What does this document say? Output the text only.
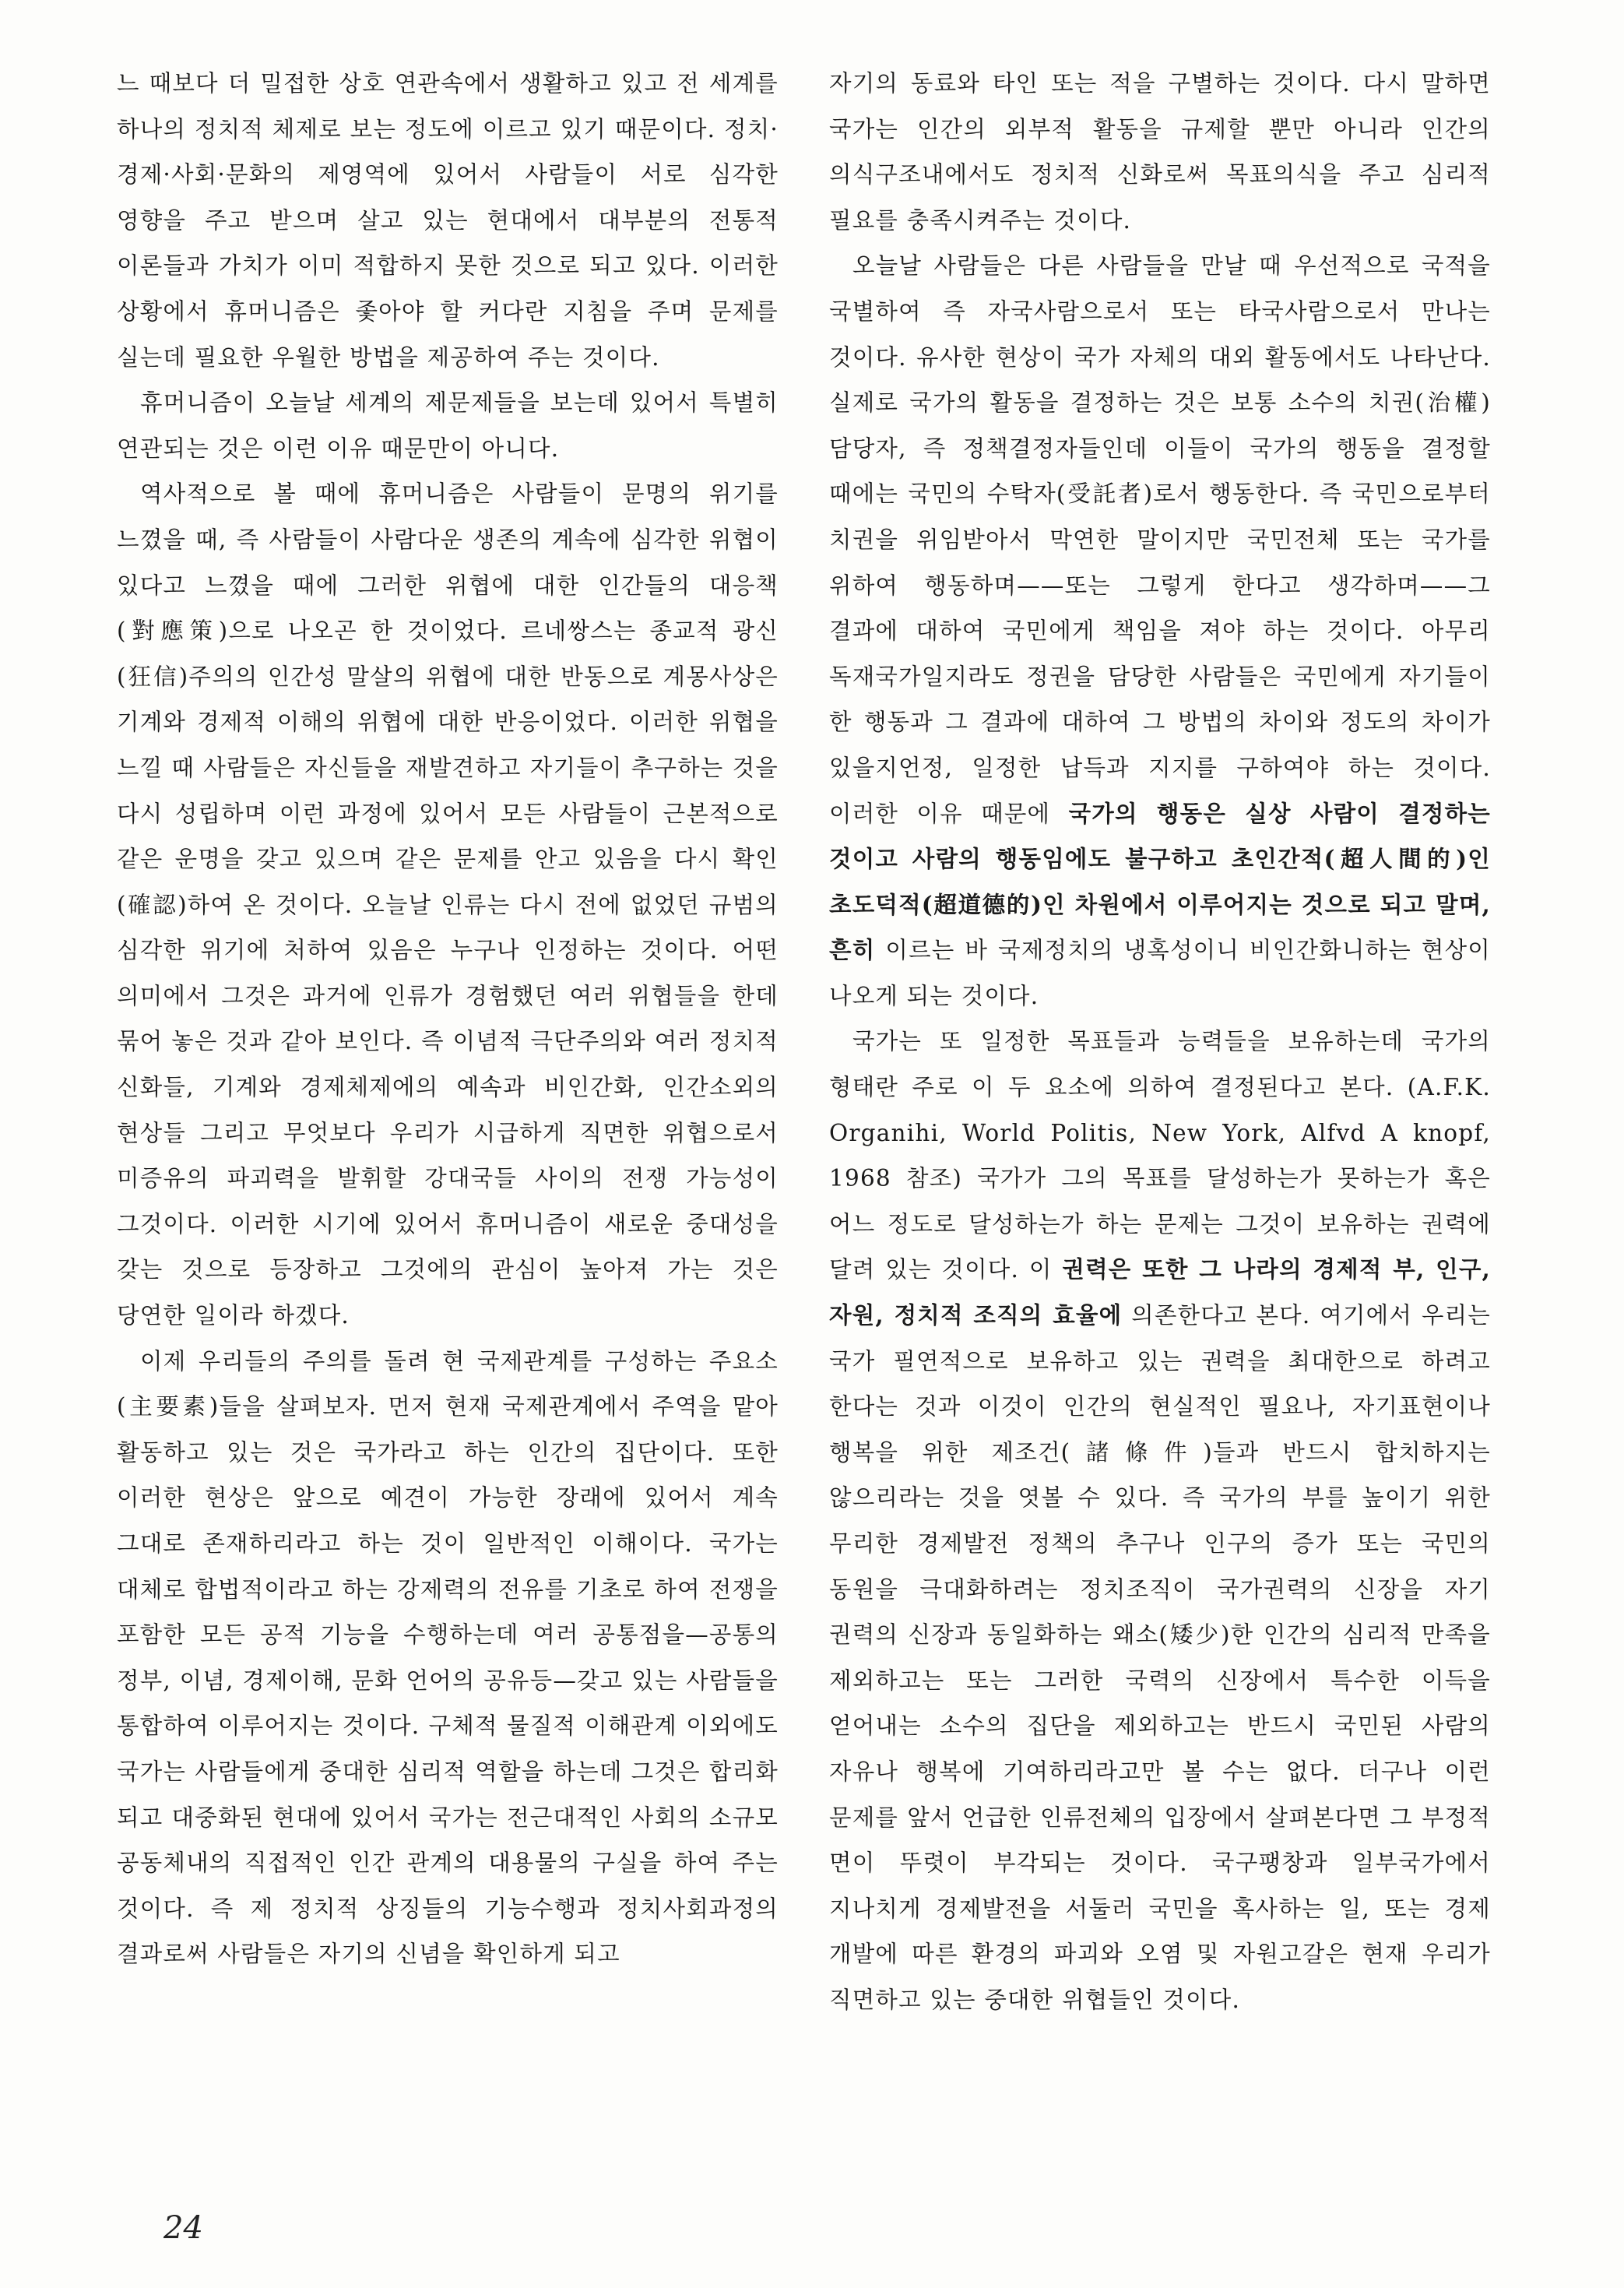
느 때보다 더 밀접한 상호 연관속에서 생활하고 있고 전 세계를 하나의 정치적 체제로 보는 정도에 이르고 있기 때문이다. 정치·경제·사회·문화의 제영역에 있어서 사람들이 서로 심각한 영향을 주고 받으며 살고 있는 현대에서 대부분의 전통적 이론들과 가치가 이미 적합하지 못한 것으로 되고 있다. 이러한 상황에서 휴머니즘은 좇아야 할 커다란 지침을 주며 문제를 실는데 필요한 우월한 방법을 제공하여 주는 것이다.

휴머니즘이 오늘날 세계의 제문제들을 보는데 있어서 특별히 연관되는 것은 이런 이유 때문만이 아니다.

역사적으로 볼 때에 휴머니즘은 사람들이 문명의 위기를 느꼈을 때, 즉 사람들이 사람다운 생존의 계속에 심각한 위협이 있다고 느꼈을 때에 그러한 위협에 대한 인간들의 대응책(對應策)으로 나오곤 한 것이었다. 르네쌍스는 종교적 광신(狂信)주의의 인간성 말살의 위협에 대한 반동으로 계몽사상은 기계와 경제적 이해의 위협에 대한 반응이었다. 이러한 위협을 느낄 때 사람들은 자신들을 재발견하고 자기들이 추구하는 것을 다시 성립하며 이런 과정에 있어서 모든 사람들이 근본적으로 같은 운명을 갖고 있으며 같은 문제를 안고 있음을 다시 확인(確認)하여 온 것이다. 오늘날 인류는 다시 전에 없었던 규범의 심각한 위기에 처하여 있음은 누구나 인정하는 것이다. 어떤 의미에서 그것은 과거에 인류가 경험했던 여러 위협들을 한데 묶어 놓은 것과 같아 보인다. 즉 이념적 극단주의와 여러 정치적 신화들, 기계와 경제체제에의 예속과 비인간화, 인간소외의 현상들 그리고 무엇보다 우리가 시급하게 직면한 위협으로서 미증유의 파괴력을 발휘할 강대국들 사이의 전쟁 가능성이 그것이다. 이러한 시기에 있어서 휴머니즘이 새로운 중대성을 갖는 것으로 등장하고 그것에의 관심이 높아져 가는 것은 당연한 일이라 하겠다.

이제 우리들의 주의를 돌려 현 국제관계를 구성하는 주요소(主要素)들을 살펴보자. 먼저 현재 국제관계에서 주역을 맡아 활동하고 있는 것은 국가라고 하는 인간의 집단이다. 또한 이러한 현상은 앞으로 예견이 가능한 장래에 있어서 계속 그대로 존재하리라고 하는 것이 일반적인 이해이다. 국가는 대체로 합법적이라고 하는 강제력의 전유를 기초로 하여 전쟁을 포함한 모든 공적 기능을 수행하는데 여러 공통점을—공통의 정부, 이념, 경제이해, 문화 언어의 공유등—갖고 있는 사람들을 통합하여 이루어지는 것이다. 구체적 물질적 이해관계 이외에도 국가는 사람들에게 중대한 심리적 역할을 하는데 그것은 합리화 되고 대중화된 현대에 있어서 국가는 전근대적인 사회의 소규모 공동체내의 직접적인 인간 관계의 대용물의 구실을 하여 주는 것이다. 즉 제 정치적 상징들의 기능수행과 정치사회과정의 결과로써 사람들은 자기의 신념을 확인하게 되고

자기의 동료와 타인 또는 적을 구별하는 것이다. 다시 말하면 국가는 인간의 외부적 활동을 규제할 뿐만 아니라 인간의 의식구조내에서도 정치적 신화로써 목표의식을 주고 심리적 필요를 충족시켜주는 것이다.

오늘날 사람들은 다른 사람들을 만날 때 우선적으로 국적을 국별하여 즉 자국사람으로서 또는 타국사람으로서 만나는 것이다. 유사한 현상이 국가 자체의 대외 활동에서도 나타난다. 실제로 국가의 활동을 결정하는 것은 보통 소수의 치권(治權)담당자, 즉 정책결정자들인데 이들이 국가의 행동을 결정할 때에는 국민의 수탁자(受託者)로서 행동한다. 즉 국민으로부터 치권을 위임받아서 막연한 말이지만 국민전체 또는 국가를 위하여 행동하며——또는 그렇게 한다고 생각하며——그 결과에 대하여 국민에게 책임을 져야 하는 것이다. 아무리 독재국가일지라도 정권을 담당한 사람들은 국민에게 자기들이 한 행동과 그 결과에 대하여 그 방법의 차이와 정도의 차이가 있을지언정, 일정한 납득과 지지를 구하여야 하는 것이다. 이러한 이유 때문에 국가의 행동은 실상 사람이 결정하는 것이고 사람의 행동임에도 불구하고 초인간적(超人間的)인 초도덕적(超道德的)인 차원에서 이루어지는 것으로 되고 말며, 흔히 이르는 바 국제정치의 냉혹성이니 비인간화니하는 현상이 나오게 되는 것이다.

국가는 또 일정한 목표들과 능력들을 보유하는데 국가의 형태란 주로 이 두 요소에 의하여 결정된다고 본다. (A.F.K. Organihi, World Politis, New York, Alfvd A knopf, 1968 참조) 국가가 그의 목표를 달성하는가 못하는가 혹은 어느 정도로 달성하는가 하는 문제는 그것이 보유하는 권력에 달려 있는 것이다. 이 권력은 또한 그 나라의 경제적 부, 인구, 자원, 정치적 조직의 효율에 의존한다고 본다. 여기에서 우리는 국가 필연적으로 보유하고 있는 권력을 최대한으로 하려고 한다는 것과 이것이 인간의 현실적인 필요나, 자기표현이나 행복을 위한 제조건(諸條件)들과 반드시 합치하지는 않으리라는 것을 엿볼 수 있다. 즉 국가의 부를 높이기 위한 무리한 경제발전 정책의 추구나 인구의 증가 또는 국민의 동원을 극대화하려는 정치조직이 국가권력의 신장을 자기 권력의 신장과 동일화하는 왜소(矮少)한 인간의 심리적 만족을 제외하고는 또는 그러한 국력의 신장에서 특수한 이득을 얻어내는 소수의 집단을 제외하고는 반드시 국민된 사람의 자유나 행복에 기여하리라고만 볼 수는 없다. 더구나 이런 문제를 앞서 언급한 인류전체의 입장에서 살펴본다면 그 부정적 면이 뚜렷이 부각되는 것이다. 국구팽창과 일부국가에서 지나치게 경제발전을 서둘러 국민을 혹사하는 일, 또는 경제 개발에 따른 환경의 파괴와 오염 및 자원고갈은 현재 우리가 직면하고 있는 중대한 위협들인 것이다.

24
